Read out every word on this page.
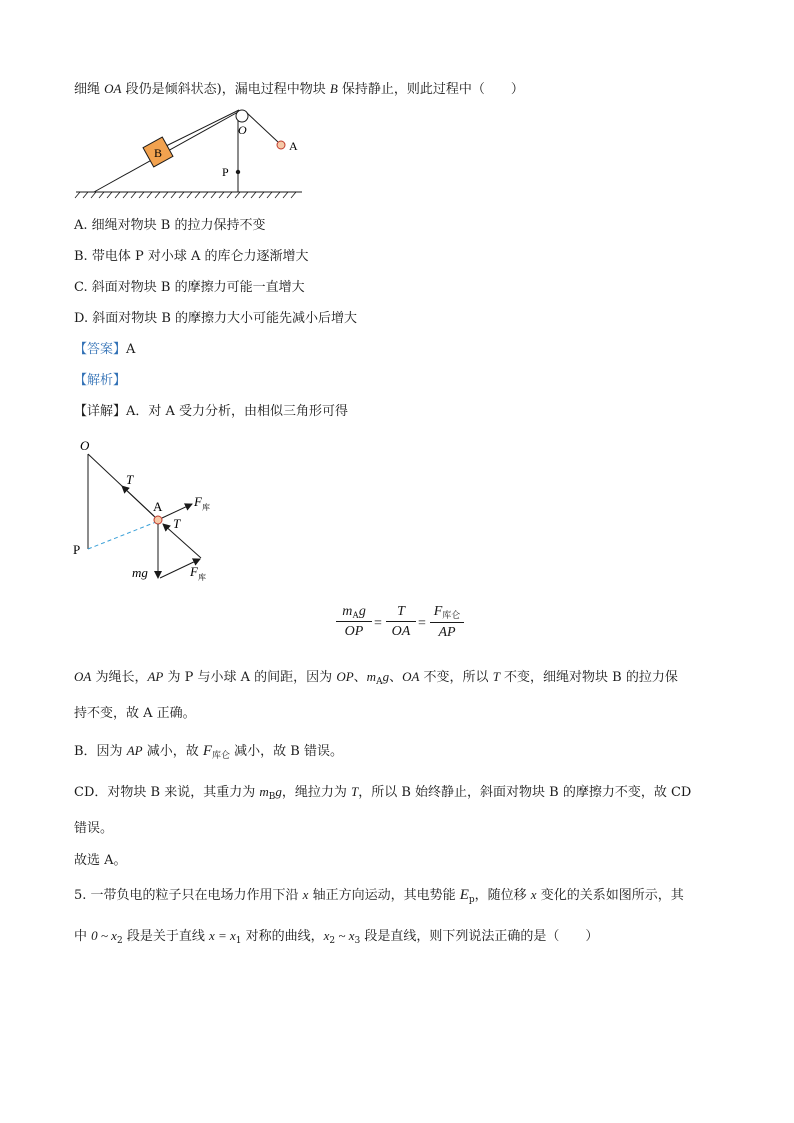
细绳 OA 段仍是倾斜状态)，漏电过程中物块 B 保持静止，则此过程中（　　）
B	A
O
P
A. 细绳对物块 B 的拉力保持不变
B. 带电体 P 对小球 A 的库仑力逐渐增大
C. 斜面对物块 B 的摩擦力可能一直增大
D. 斜面对物块 B 的摩擦力大小可能先减小后增大
【答案】A
【解析】
【详解】A．对 A 受力分析，由相似三角形可得
O
T
P
A $F_库$
mg	$F_库$
T
$m_Ag$
OP
= $\frac{T}{OA}$ =
$F_{库仑}$
AP
OA 为绳长，AP 为 P 与小球 A 的间距，因为 OP、$m_Ag$、OA 不变，所以 T 不变，细绳对物块 B 的拉力保
持不变，故 A 正确。
B．因为 AP 减小，故 $F_{库仑}$ 减小，故 B 错误。
CD．对物块 B 来说，其重力为 $m_Bg$，绳拉力为 T，所以 B 始终静止，斜面对物块 B 的摩擦力不变，故 CD
错误。
故选 A。
5. 一带负电的粒子只在电场力作用下沿 x 轴正方向运动，其电势能 $E_p$，随位移 x 变化的关系如图所示，其
中 0 ~ $x_2$ 段是关于直线 $x = x_1$ 对称的曲线，$x_2$ ~ $x_3$ 段是直线，则下列说法正确的是（　　）
